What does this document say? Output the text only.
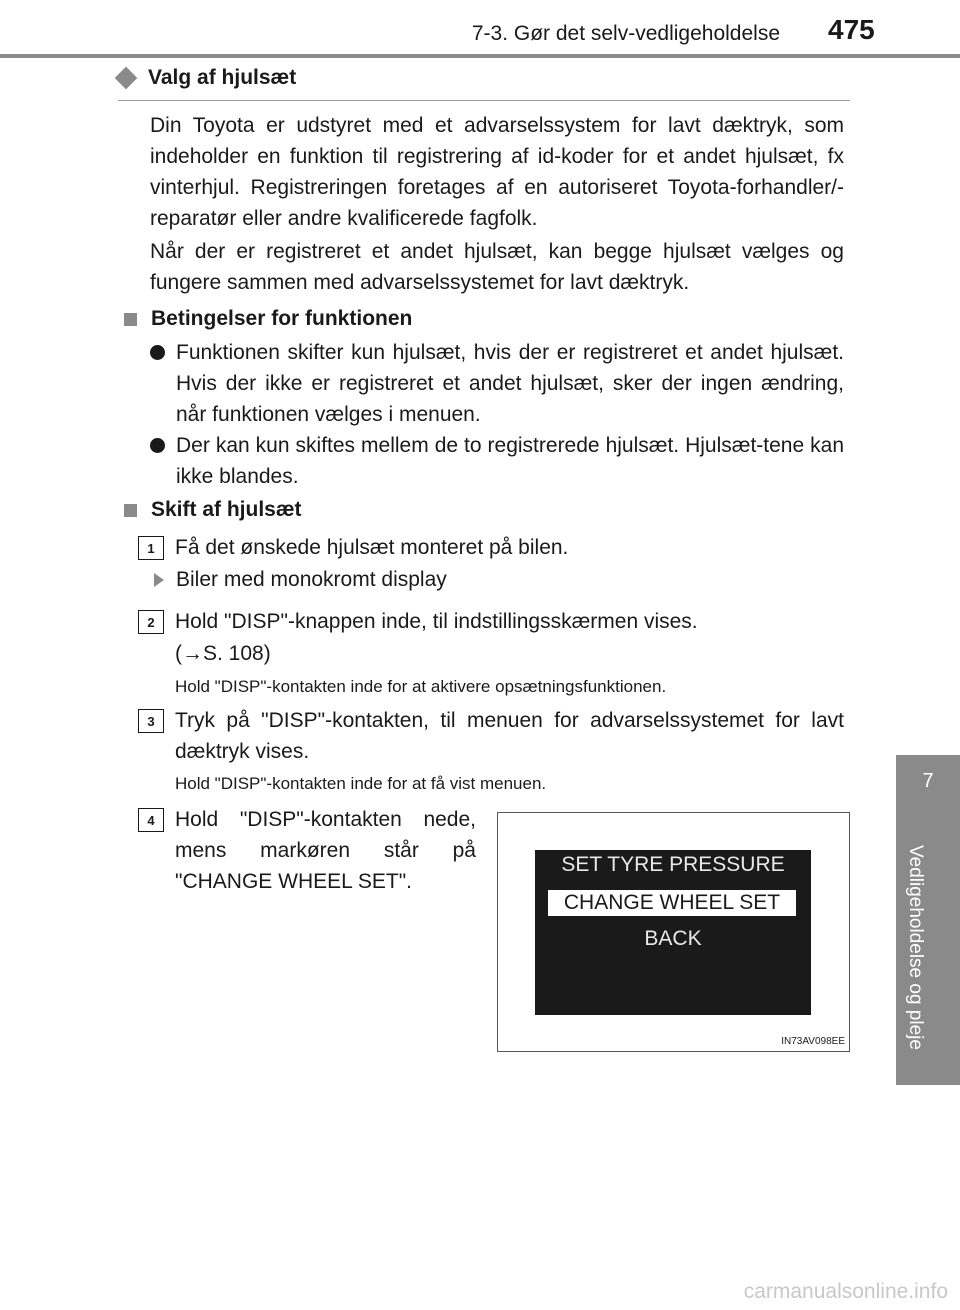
7-3. Gør det selv-vedligeholdelse 475
7
Vedligeholdelse og pleje
Valg af hjulsæt
Din Toyota er udstyret med et advarselssystem for lavt dæktryk, som indeholder en funktion til registrering af id-koder for et andet hjulsæt, fx vinterhjul. Registreringen foretages af en autoriseret Toyota-forhandler/-reparatør eller andre kvalificerede fagfolk.
Når der er registreret et andet hjulsæt, kan begge hjulsæt vælges og fungere sammen med advarselssystemet for lavt dæktryk.
Betingelser for funktionen
Funktionen skifter kun hjulsæt, hvis der er registreret et andet hjulsæt. Hvis der ikke er registreret et andet hjulsæt, sker der ingen ændring, når funktionen vælges i menuen.
Der kan kun skiftes mellem de to registrerede hjulsæt. Hjulsæt-tene kan ikke blandes.
Skift af hjulsæt
1 Få det ønskede hjulsæt monteret på bilen.
Biler med monokromt display
2 Hold "DISP"-knappen inde, til indstillingsskærmen vises.
(→S. 108)
Hold "DISP"-kontakten inde for at aktivere opsætningsfunktionen.
3 Tryk på "DISP"-kontakten, til menuen for advarselssystemet for lavt dæktryk vises.
Hold "DISP"-kontakten inde for at få vist menuen.
4 Hold "DISP"-kontakten nede, mens markøren står på "CHANGE WHEEL SET".
SET TYRE PRESSURE
CHANGE WHEEL SET
BACK
IN73AV098EE
carmanualsonline.info
